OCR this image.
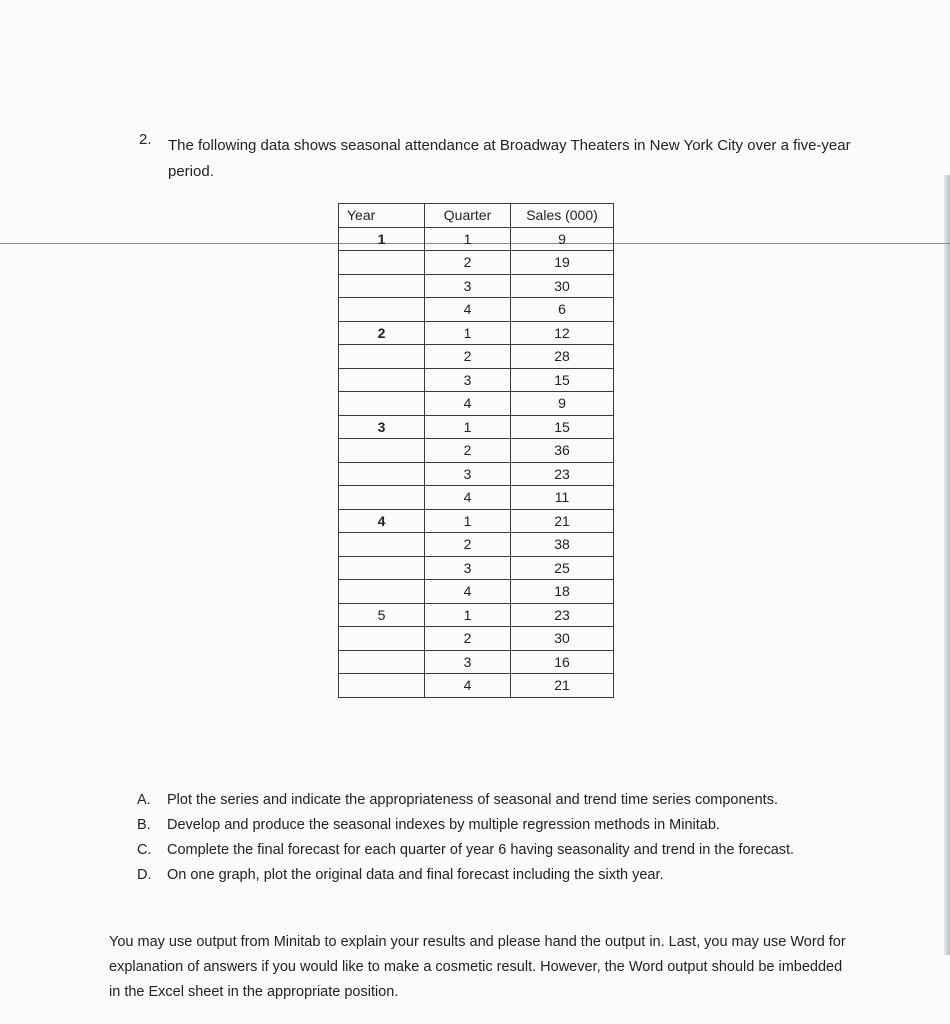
2. The following data shows seasonal attendance at Broadway Theaters in New York City over a five-year period.
Year	Quarter	Sales (000)
1	1	9
	2	19
	3	30
	4	6
2	1	12
	2	28
	3	15
	4	9
3	1	15
	2	36
	3	23
	4	11
4	1	21
	2	38
	3	25
	4	18
5	1	23
	2	30
	3	16
	4	21
A. Plot the series and indicate the appropriateness of seasonal and trend time series components.
B. Develop and produce the seasonal indexes by multiple regression methods in Minitab.
C. Complete the final forecast for each quarter of year 6 having seasonality and trend in the forecast.
D. On one graph, plot the original data and final forecast including the sixth year.
You may use output from Minitab to explain your results and please hand the output in. Last, you may use Word for explanation of answers if you would like to make a cosmetic result. However, the Word output should be imbedded in the Excel sheet in the appropriate position.
